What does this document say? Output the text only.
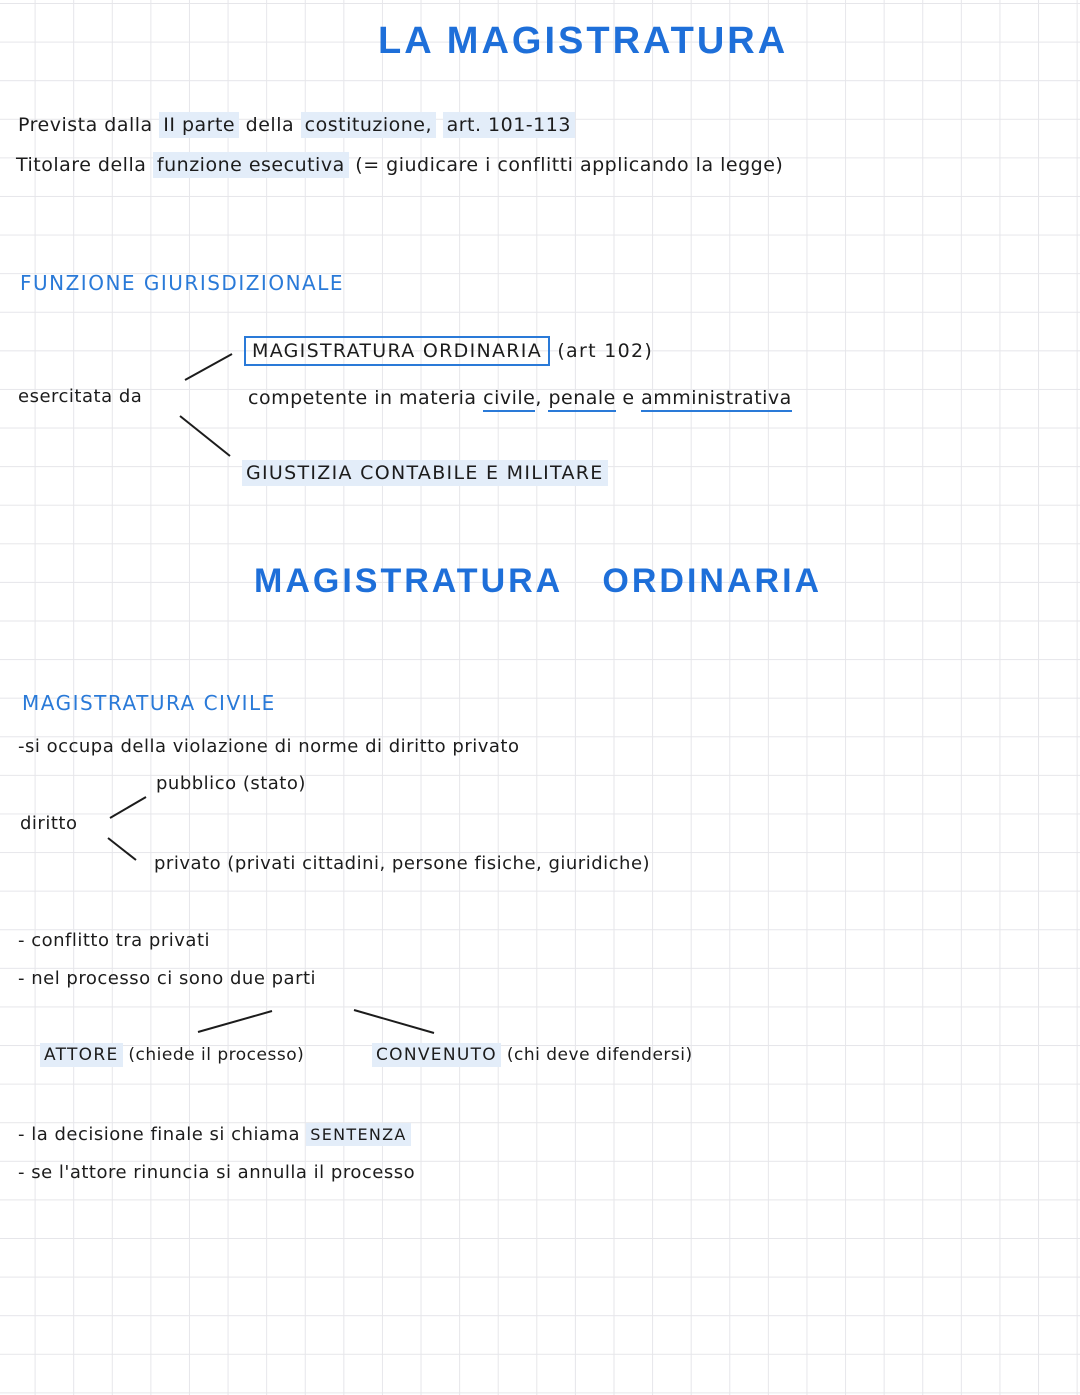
LA MAGISTRATURA
Prevista dalla II parte della costituzione, art. 101-113
Titolare della funzione esecutiva (= giudicare i conflitti applicando la legge)
FUNZIONE GIURISDIZIONALE
esercitata da
MAGISTRATURA ORDINARIA (art 102)
competente in materia civile, penale e amministrativa
GIUSTIZIA CONTABILE E MILITARE
MAGISTRATURA ORDINARIA
MAGISTRATURA CIVILE
-si occupa della violazione di norme di diritto privato
pubblico (stato)
diritto
privato (privati cittadini, persone fisiche, giuridiche)
- conflitto tra privati
- nel processo ci sono due parti
ATTORE (chiede il processo)	CONVENUTO (chi deve difendersi)
- la decisione finale si chiama SENTENZA
- se l'attore rinuncia si annulla il processo
